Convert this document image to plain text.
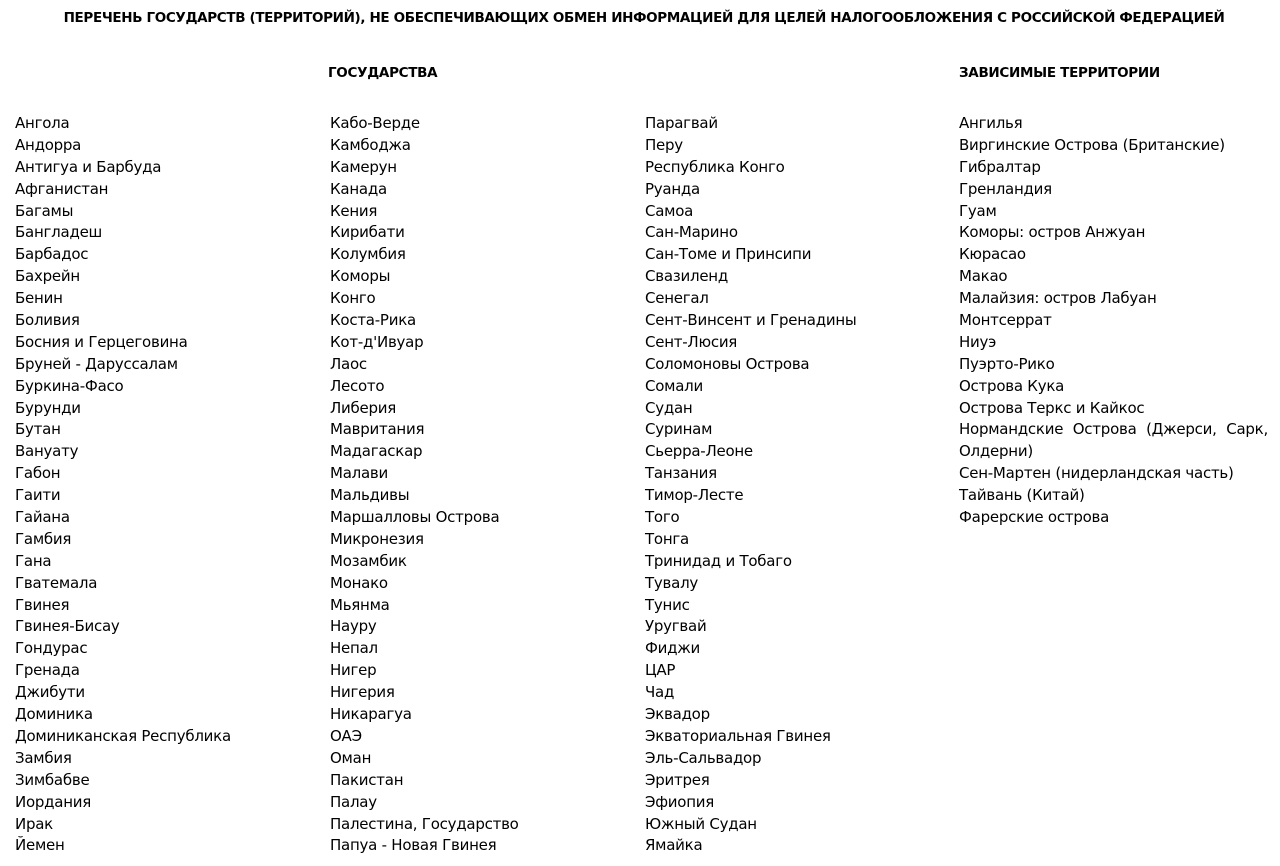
ПЕРЕЧЕНЬ ГОСУДАРСТВ (ТЕРРИТОРИЙ), НЕ ОБЕСПЕЧИВАЮЩИХ ОБМЕН ИНФОРМАЦИЕЙ ДЛЯ ЦЕЛЕЙ НАЛОГООБЛОЖЕНИЯ С РОССИЙСКОЙ ФЕДЕРАЦИЕЙ
ГОСУДАРСТВА	ЗАВИСИМЫЕ ТЕРРИТОРИИ
Ангола
Андорра
Антигуа и Барбуда
Афганистан
Багамы
Бангладеш
Барбадос
Бахрейн
Бенин
Боливия
Босния и Герцеговина
Бруней - Даруссалам
Буркина-Фасо
Бурунди
Бутан
Вануату
Габон
Гаити
Гайана
Гамбия
Гана
Гватемала
Гвинея
Гвинея-Бисау
Гондурас
Гренада
Джибути
Доминика
Доминиканская Республика
Замбия
Зимбабве
Иордания
Ирак
Йемен
Кабо-Верде
Камбоджа
Камерун
Канада
Кения
Кирибати
Колумбия
Коморы
Конго
Коста-Рика
Кот-д'Ивуар
Лаос
Лесото
Либерия
Мавритания
Мадагаскар
Малави
Мальдивы
Маршалловы Острова
Микронезия
Мозамбик
Монако
Мьянма
Науру
Непал
Нигер
Нигерия
Никарагуа
ОАЭ
Оман
Пакистан
Палау
Палестина, Государство
Папуа - Новая Гвинея
Парагвай
Перу
Республика Конго
Руанда
Самоа
Сан-Марино
Сан-Томе и Принсипи
Свазиленд
Сенегал
Сент-Винсент и Гренадины
Сент-Люсия
Соломоновы Острова
Сомали
Судан
Суринам
Сьерра-Леоне
Танзания
Тимор-Лесте
Того
Тонга
Тринидад и Тобаго
Тувалу
Тунис
Уругвай
Фиджи
ЦАР
Чад
Эквадор
Экваториальная Гвинея
Эль-Сальвадор
Эритрея
Эфиопия
Южный Судан
Ямайка
Ангилья
Виргинские Острова (Британские)
Гибралтар
Гренландия
Гуам
Коморы: остров Анжуан
Кюрасао
Макао
Малайзия: остров Лабуан
Монтсеррат
Ниуэ
Пуэрто-Рико
Острова Кука
Острова Теркс и Кайкос
Нормандские Острова (Джерси, Сарк, Олдерни)
Сен-Мартен (нидерландская часть)
Тайвань (Китай)
Фарерские острова
